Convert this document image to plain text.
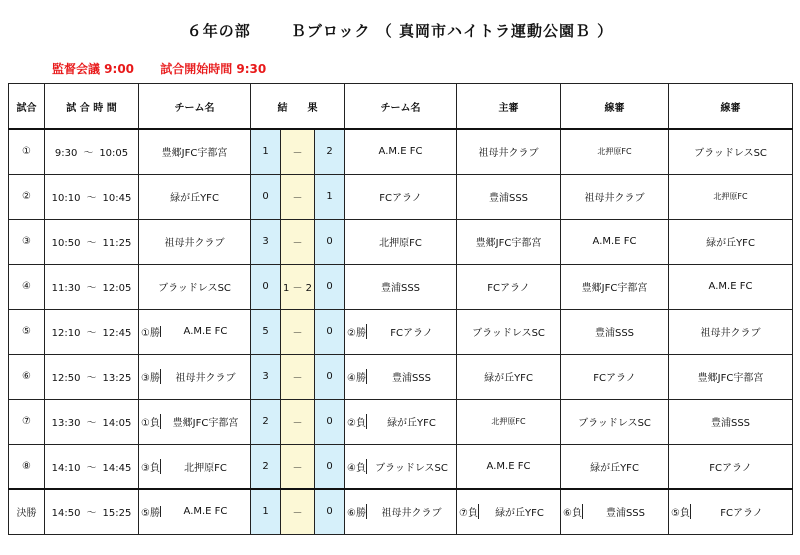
６年の部	Ｂブロック （ 真岡市ハイトラ運動公園Ｂ ）
監督会議 9:00 試合開始時間 9:30
試合	試 合 時 間	チーム名	結　　果			チーム名	主審	線審	線審
①	9:30 ～ 10:05	豊郷JFC宇都宮	1	－	2	A.M.E FC	祖母井クラブ	北押原FC	ブラッドレスSC
②	10:10 ～ 10:45	緑が丘YFC	0	－	1	FCアラノ	豊浦SSS	祖母井クラブ	北押原FC
③	10:50 ～ 11:25	祖母井クラブ	3	－	0	北押原FC	豊郷JFC宇都宮	A.M.E FC	緑が丘YFC
④	11:30 ～ 12:05	ブラッドレスSC	0	1 － 2	0	豊浦SSS	FCアラノ	豊郷JFC宇都宮	A.M.E FC
⑤	12:10 ～ 12:45	①勝 A.M.E FC	5	－	0	②勝 FCアラノ	ブラッドレスSC	豊浦SSS	祖母井クラブ
⑥	12:50 ～ 13:25	③勝 祖母井クラブ	3	－	0	④勝 豊浦SSS	緑が丘YFC	FCアラノ	豊郷JFC宇都宮
⑦	13:30 ～ 14:05	①負 豊郷JFC宇都宮	2	－	0	②負 緑が丘YFC	北押原FC	ブラッドレスSC	豊浦SSS
⑧	14:10 ～ 14:45	③負 北押原FC	2	－	0	④負 ブラッドレスSC	A.M.E FC	緑が丘YFC	FCアラノ
決勝	14:50 ～ 15:25	⑤勝 A.M.E FC	1	－	0	⑥勝 祖母井クラブ	⑦負 緑が丘YFC	⑥負 豊浦SSS	⑤負 FCアラノ
